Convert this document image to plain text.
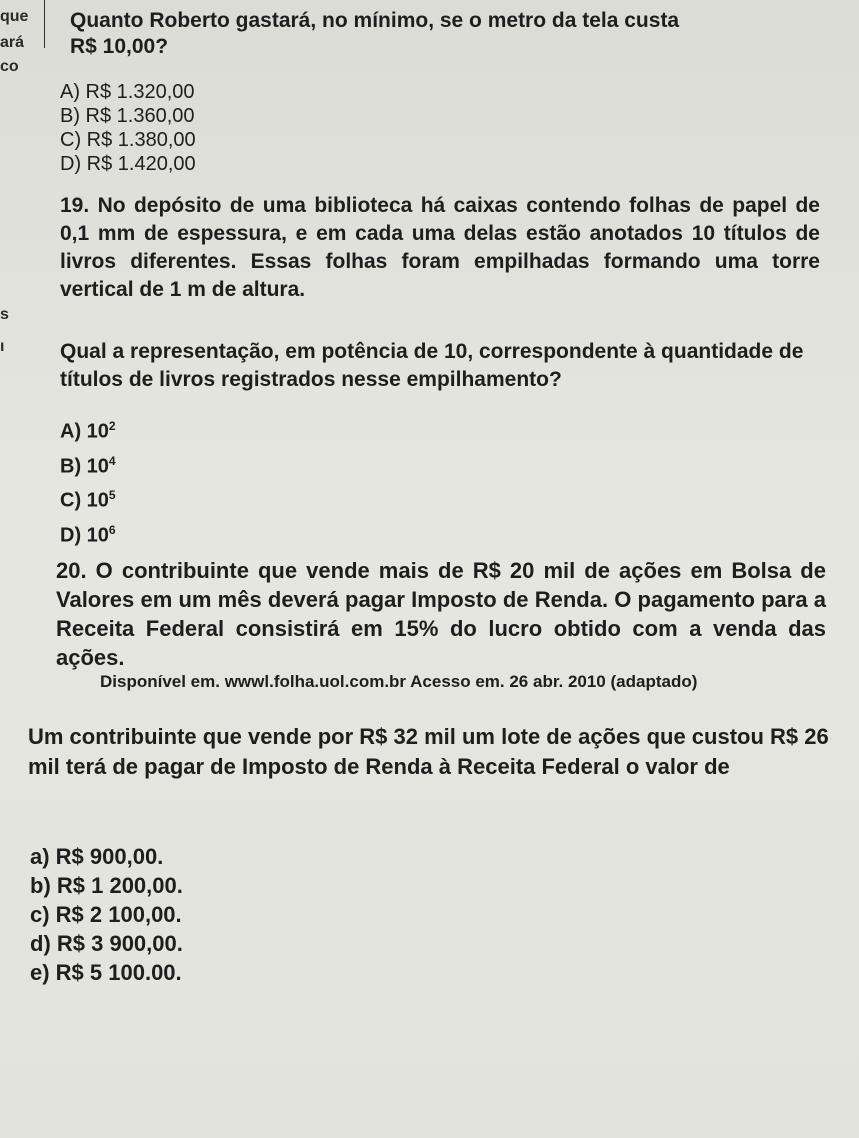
que
ará
co
s
ı
Quanto Roberto gastará, no mínimo, se o metro da tela custa
R$ 10,00?
A) R$ 1.320,00
B) R$ 1.360,00
C) R$ 1.380,00
D) R$ 1.420,00
19. No depósito de uma biblioteca há caixas contendo folhas de papel de 0,1 mm de espessura, e em cada uma delas estão anotados 10 títulos de livros diferentes. Essas folhas foram empilhadas formando uma torre vertical de 1 m de altura.
Qual a representação, em potência de 10, correspondente à quantidade de títulos de livros registrados nesse empilhamento?
A) $10^2$
B) $10^4$
C) $10^5$
D) $10^6$
20. O contribuinte que vende mais de R$ 20 mil de ações em Bolsa de Valores em um mês deverá pagar Imposto de Renda. O pagamento para a Receita Federal consistirá em 15% do lucro obtido com a venda das ações.
Disponível em. wwwl.folha.uol.com.br Acesso em. 26 abr. 2010 (adaptado)
Um contribuinte que vende por R$ 32 mil um lote de ações que custou R$ 26 mil terá de pagar de Imposto de Renda à Receita Federal o valor de
a) R$ 900,00.
b) R$ 1 200,00.
c) R$ 2 100,00.
d) R$ 3 900,00.
e) R$ 5 100.00.
